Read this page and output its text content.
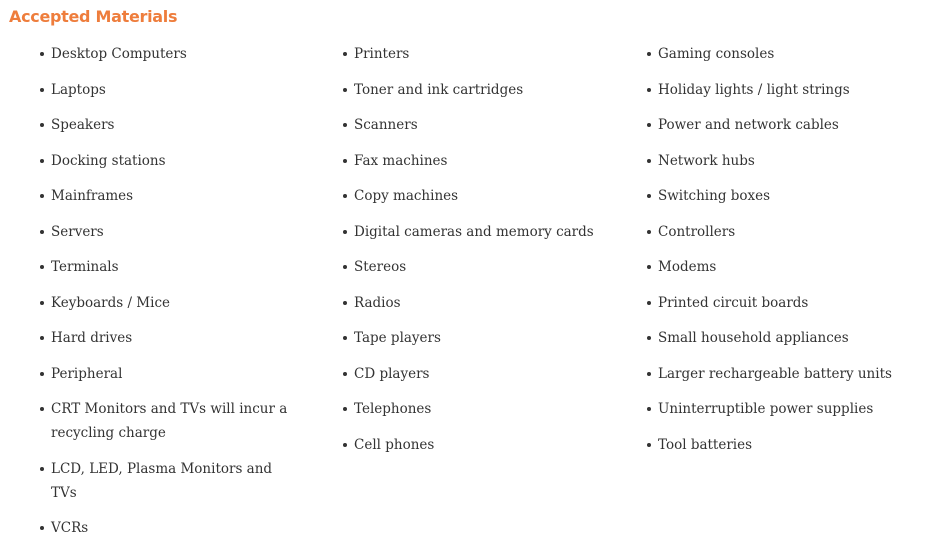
Accepted Materials
Desktop Computers
Laptops
Speakers
Docking stations
Mainframes
Servers
Terminals
Keyboards / Mice
Hard drives
Peripheral
CRT Monitors and TVs will incur a recycling charge
LCD, LED, Plasma Monitors and TVs
VCRs
Printers
Toner and ink cartridges
Scanners
Fax machines
Copy machines
Digital cameras and memory cards
Stereos
Radios
Tape players
CD players
Telephones
Cell phones
Gaming consoles
Holiday lights / light strings
Power and network cables
Network hubs
Switching boxes
Controllers
Modems
Printed circuit boards
Small household appliances
Larger rechargeable battery units
Uninterruptible power supplies
Tool batteries
